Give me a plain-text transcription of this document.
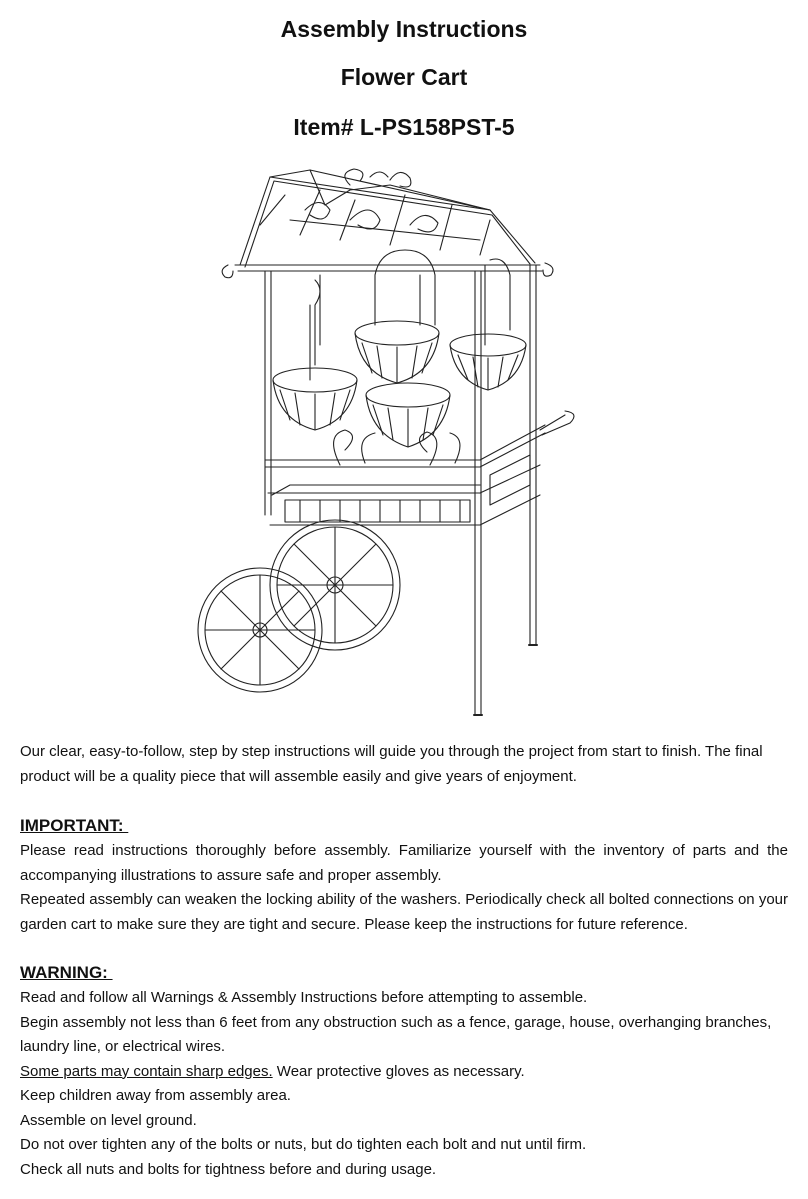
Assembly Instructions
Flower Cart
Item# L-PS158PST-5

Our clear, easy-to-follow, step by step instructions will guide you through the project from start to finish. The final product will be a quality piece that will assemble easily and give years of enjoyment.

IMPORTANT:

Please read instructions thoroughly before assembly. Familiarize yourself with the inventory of parts and the accompanying illustrations to assure safe and proper assembly.

Repeated assembly can weaken the locking ability of the washers. Periodically check all bolted connections on your garden cart to make sure they are tight and secure. Please keep the instructions for future reference.

WARNING:

Read and follow all Warnings & Assembly Instructions before attempting to assemble.
Begin assembly not less than 6 feet from any obstruction such as a fence, garage, house, overhanging branches, laundry line, or electrical wires.
Some parts may contain sharp edges. Wear protective gloves as necessary.
Keep children away from assembly area.
Assemble on level ground.
Do not over tighten any of the bolts or nuts, but do tighten each bolt and nut until firm.
Check all nuts and bolts for tightness before and during usage.
